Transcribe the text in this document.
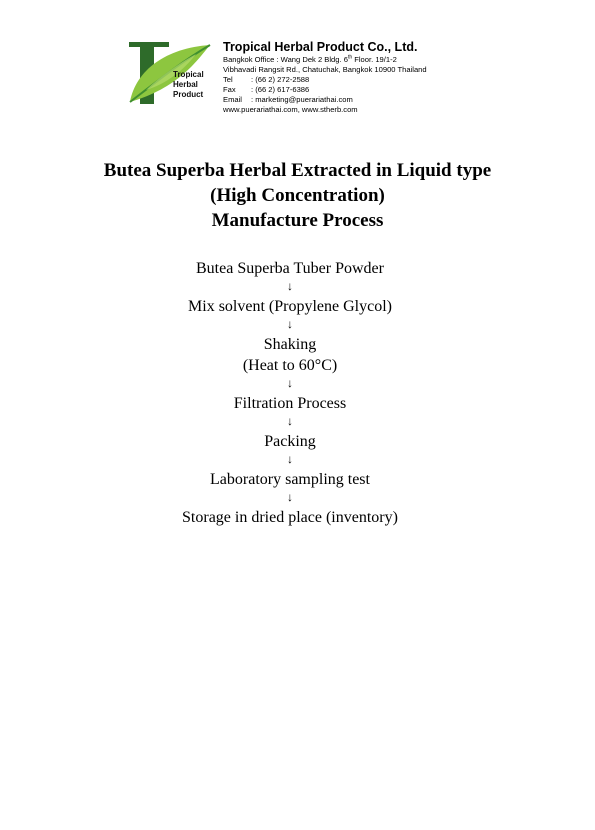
Tropical
Herbal
Product
Tropical Herbal Product Co., Ltd.
Bangkok Office : Wang Dek 2 Bldg. 6th Floor. 19/1-2
Vibhavadi Rangsit Rd., Chatuchak, Bangkok 10900 Thailand
Tel : (66 2) 272-2588
Fax : (66 2) 617-6386
Email : marketing@puerariathai.com
www.puerariathai.com, www.stherb.com
Butea Superba Herbal Extracted in Liquid type
(High Concentration)
Manufacture Process
Butea Superba Tuber Powder
↓
Mix solvent (Propylene Glycol)
↓
Shaking
(Heat to 60°C)
↓
Filtration Process
↓
Packing
↓
Laboratory sampling test
↓
Storage in dried place (inventory)
